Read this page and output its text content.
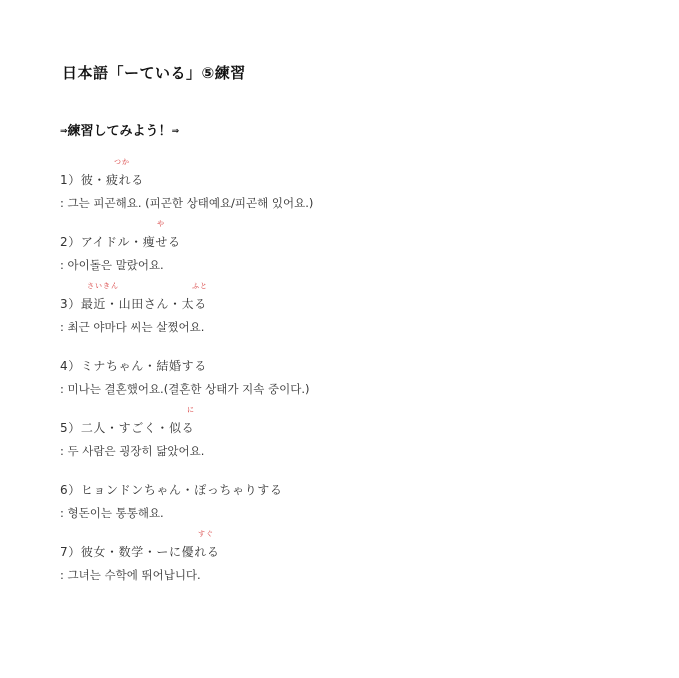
日本語「ーている」⑤練習
⇒練習してみよう！⇒
つか
1）彼・疲れる
: 그는 피곤해요. (피곤한 상태예요/피곤해 있어요.)
や
2）アイドル・痩せる
: 아이돌은 말랐어요.
さいきん	ふと
3）最近・山田さん・太る
: 최근 야마다 씨는 살쪘어요.
4）ミナちゃん・結婚する
: 미나는 결혼했어요.(결혼한 상태가 지속 중이다.)
に
5）二人・すごく・似る
: 두 사람은 굉장히 닮았어요.
6）ヒョンドンちゃん・ぽっちゃりする
: 형돈이는 통통해요.
すぐ
7）彼女・数学・ーに優れる
: 그녀는 수학에 뛰어납니다.
